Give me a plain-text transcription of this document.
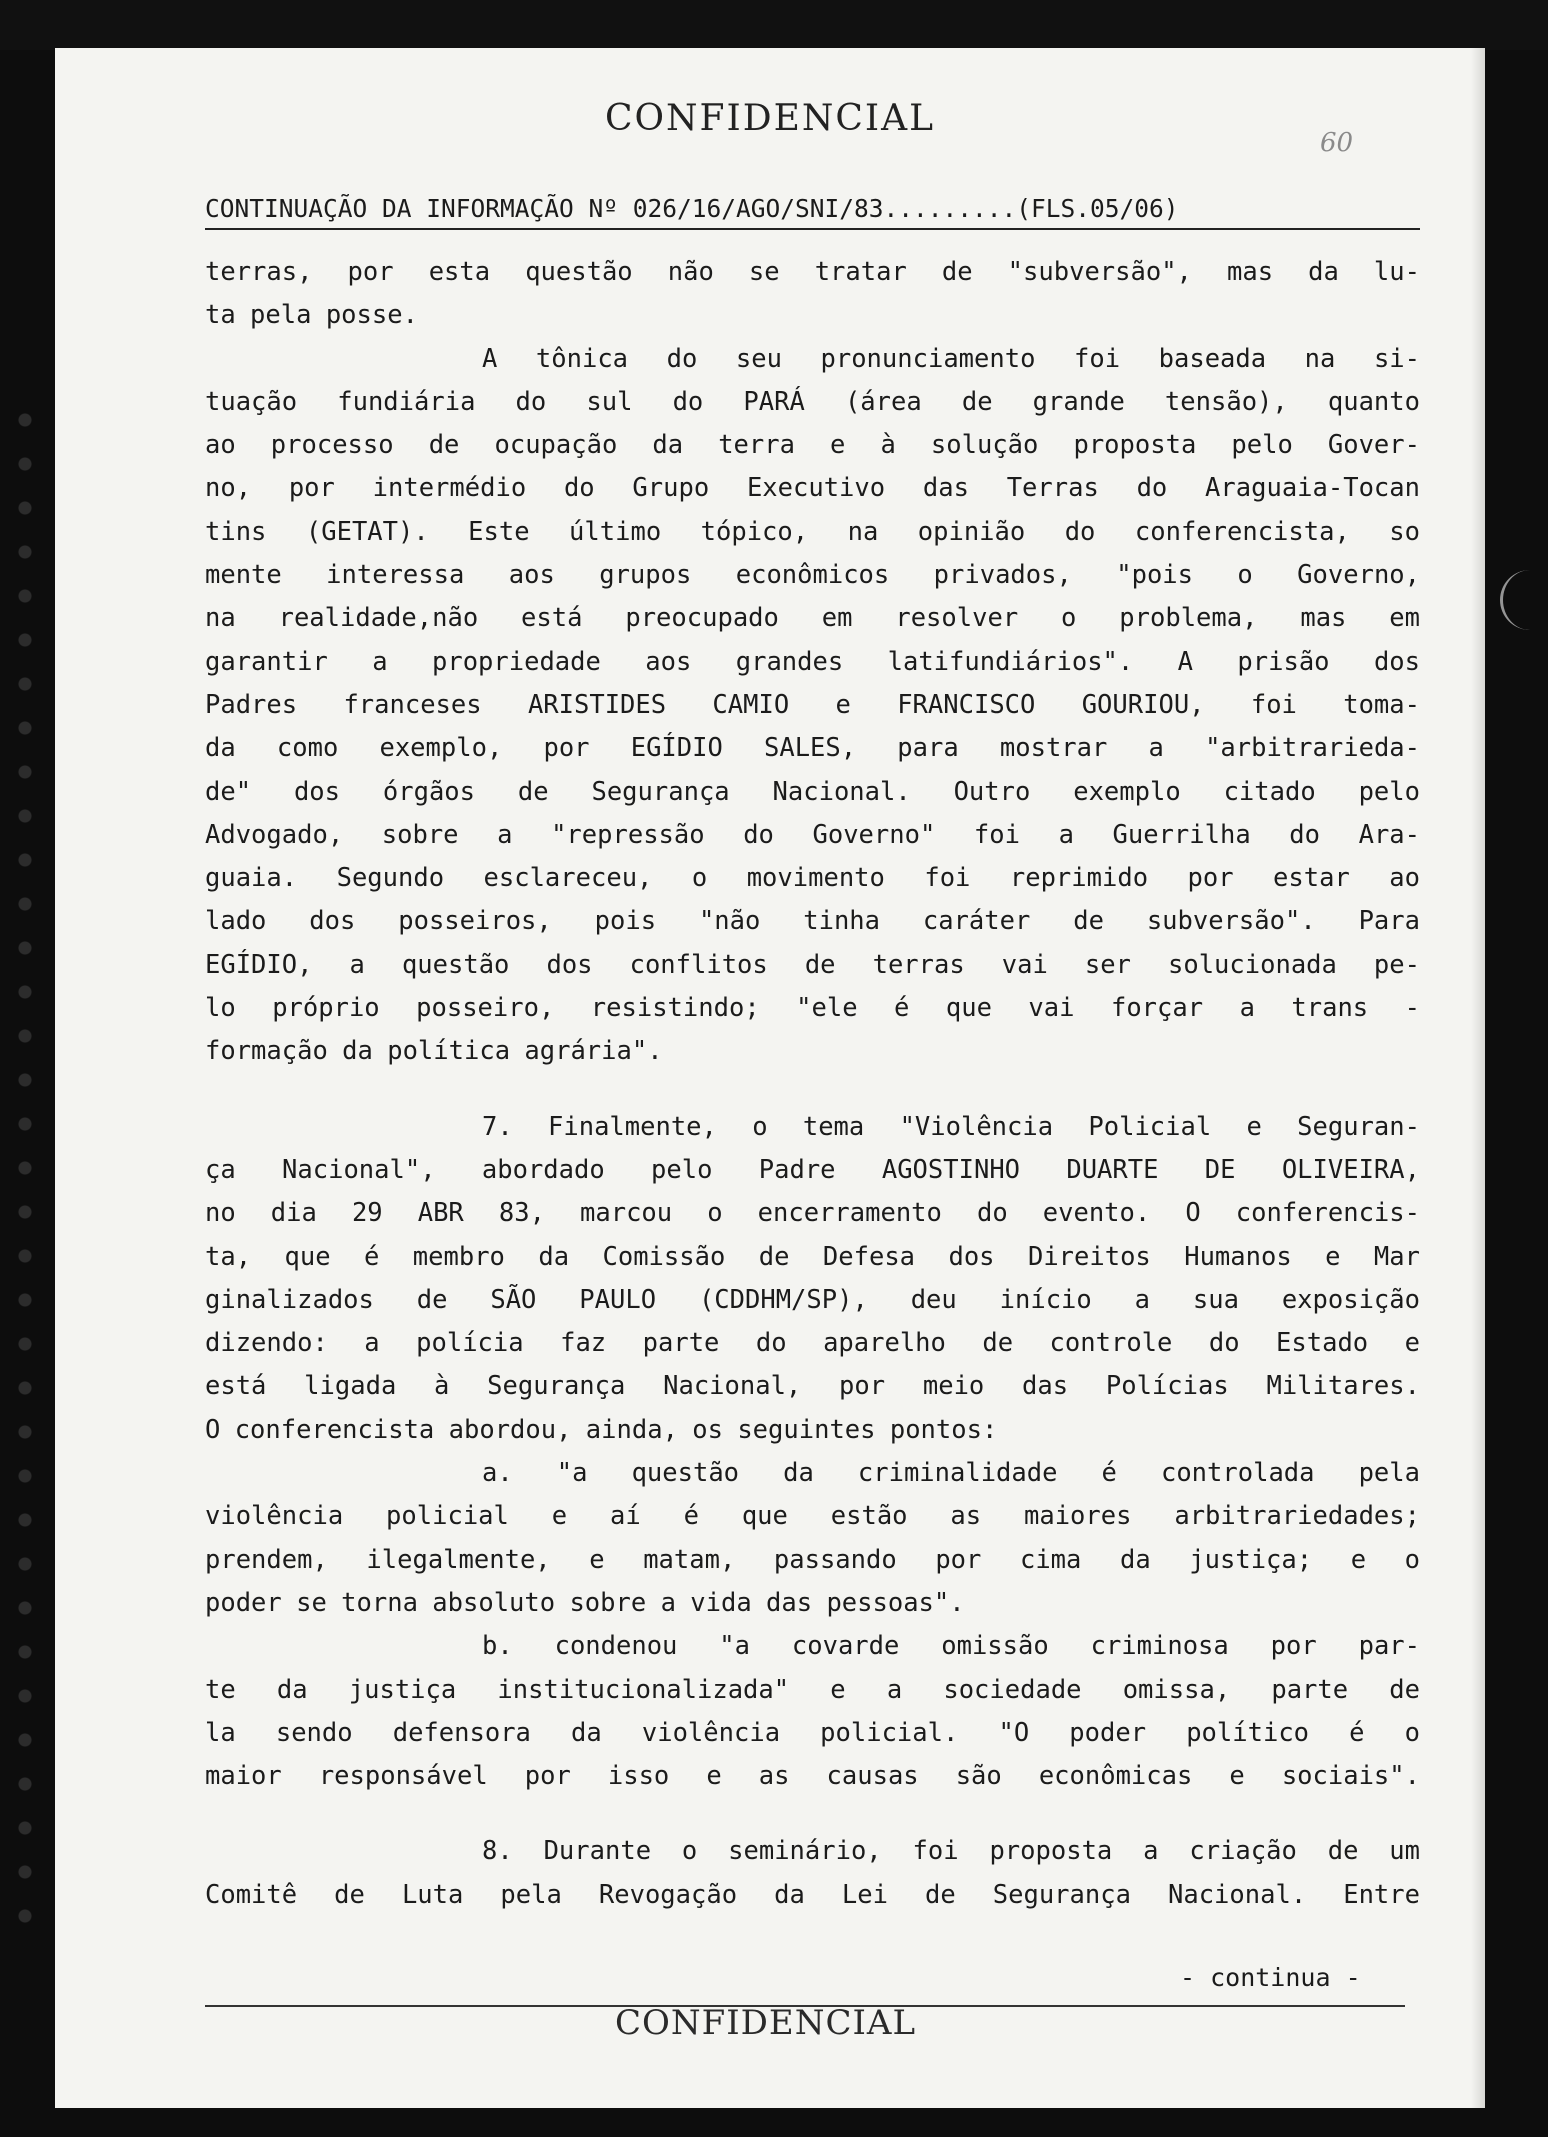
CONFIDENCIAL
60
CONTINUAÇÃO DA INFORMAÇÃO Nº 026/16/AGO/SNI/83.........(FLS.05/06)
terras, por esta questão não se tratar de "subversão", mas da lu-
ta pela posse.
A tônica do seu pronunciamento foi baseada na si-
tuação fundiária do sul do PARÁ (área de grande tensão), quanto
ao processo de ocupação da terra e à solução proposta pelo Gover-
no, por intermédio do Grupo Executivo das Terras do Araguaia-Tocan
tins (GETAT). Este último tópico, na opinião do conferencista, so
mente interessa aos grupos econômicos privados, "pois o Governo,
na realidade,não está preocupado em resolver o problema, mas em
garantir a propriedade aos grandes latifundiários". A prisão dos
Padres franceses ARISTIDES CAMIO e FRANCISCO GOURIOU, foi toma-
da como exemplo, por EGÍDIO SALES, para mostrar a "arbitrarieda-
de" dos órgãos de Segurança Nacional. Outro exemplo citado pelo
Advogado, sobre a "repressão do Governo" foi a Guerrilha do Ara-
guaia. Segundo esclareceu, o movimento foi reprimido por estar ao
lado dos posseiros, pois "não tinha caráter de subversão". Para
EGÍDIO, a questão dos conflitos de terras vai ser solucionada pe-
lo próprio posseiro, resistindo; "ele é que vai forçar a trans -
formação da política agrária".
7. Finalmente, o tema "Violência Policial e Seguran-
ça Nacional", abordado pelo Padre AGOSTINHO DUARTE DE OLIVEIRA,
no dia 29 ABR 83, marcou o encerramento do evento. O conferencis-
ta, que é membro da Comissão de Defesa dos Direitos Humanos e Mar
ginalizados de SÃO PAULO (CDDHM/SP), deu início a sua exposição
dizendo: a polícia faz parte do aparelho de controle do Estado e
está ligada à Segurança Nacional, por meio das Polícias Militares.
O conferencista abordou, ainda, os seguintes pontos:
a. "a questão da criminalidade é controlada pela
violência policial e aí é que estão as maiores arbitrariedades;
prendem, ilegalmente, e matam, passando por cima da justiça; e o
poder se torna absoluto sobre a vida das pessoas".
b. condenou "a covarde omissão criminosa por par-
te da justiça institucionalizada" e a sociedade omissa, parte de
la sendo defensora da violência policial. "O poder político é o
maior responsável por isso e as causas são econômicas e sociais".
8. Durante o seminário, foi proposta a criação de um
Comitê de Luta pela Revogação da Lei de Segurança Nacional. Entre
- continua -
CONFIDENCIAL
